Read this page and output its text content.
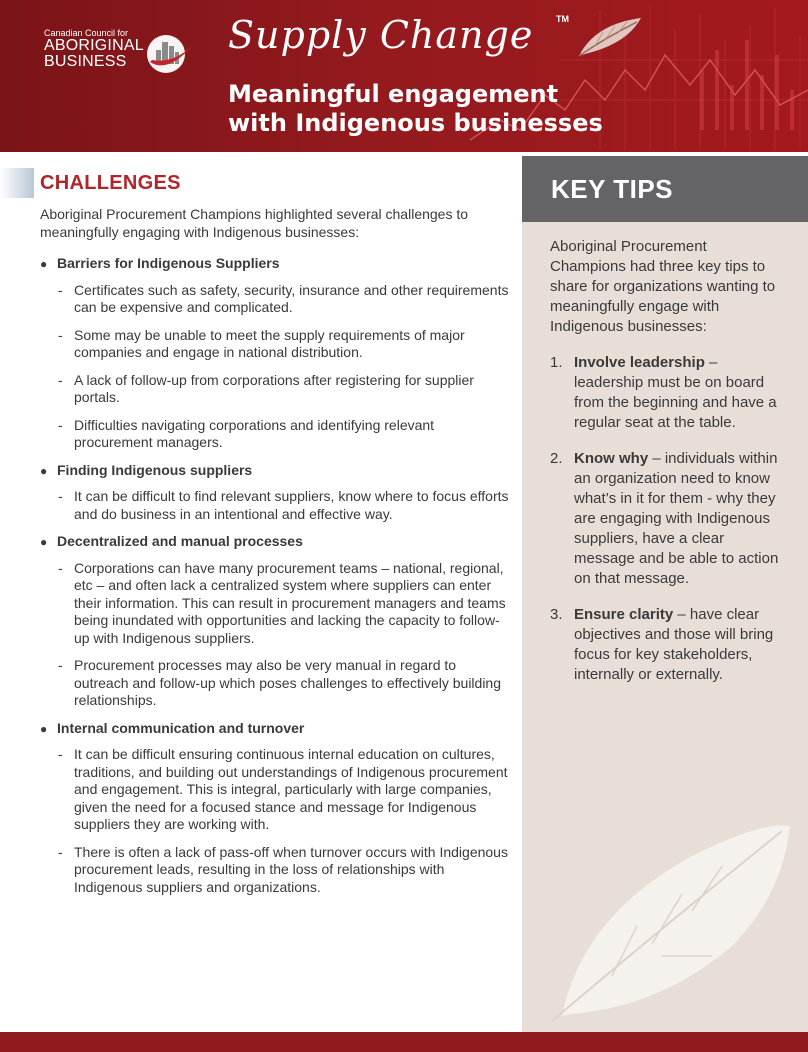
Canadian Council for
ABORIGINAL
BUSINESS
Supply Change	TM
Meaningful engagement
with Indigenous businesses
CHALLENGES
Aboriginal Procurement Champions highlighted several challenges to meaningfully engaging with Indigenous businesses:
● Barriers for Indigenous Suppliers
- Certificates such as safety, security, insurance and other requirements can be expensive and complicated.
- Some may be unable to meet the supply requirements of major companies and engage in national distribution.
- A lack of follow-up from corporations after registering for supplier portals.
- Difficulties navigating corporations and identifying relevant procurement managers.
● Finding Indigenous suppliers
- It can be difficult to find relevant suppliers, know where to focus efforts and do business in an intentional and effective way.
● Decentralized and manual processes
- Corporations can have many procurement teams – national, regional, etc – and often lack a centralized system where suppliers can enter their information. This can result in procurement managers and teams being inundated with opportunities and lacking the capacity to follow-up with Indigenous suppliers.
- Procurement processes may also be very manual in regard to outreach and follow-up which poses challenges to effectively building relationships.
● Internal communication and turnover
- It can be difficult ensuring continuous internal education on cultures, traditions, and building out understandings of Indigenous procurement and engagement. This is integral, particularly with large companies, given the need for a focused stance and message for Indigenous suppliers they are working with.
- There is often a lack of pass-off when turnover occurs with Indigenous procurement leads, resulting in the loss of relationships with Indigenous suppliers and organizations.
KEY TIPS
Aboriginal Procurement Champions had three key tips to share for organizations wanting to meaningfully engage with Indigenous businesses:
1. Involve leadership – leadership must be on board from the beginning and have a regular seat at the table.
2. Know why – individuals within an organization need to know what’s in it for them - why they are engaging with Indigenous suppliers, have a clear message and be able to action on that message.
3. Ensure clarity – have clear objectives and those will bring focus for key stakeholders, internally or externally.
